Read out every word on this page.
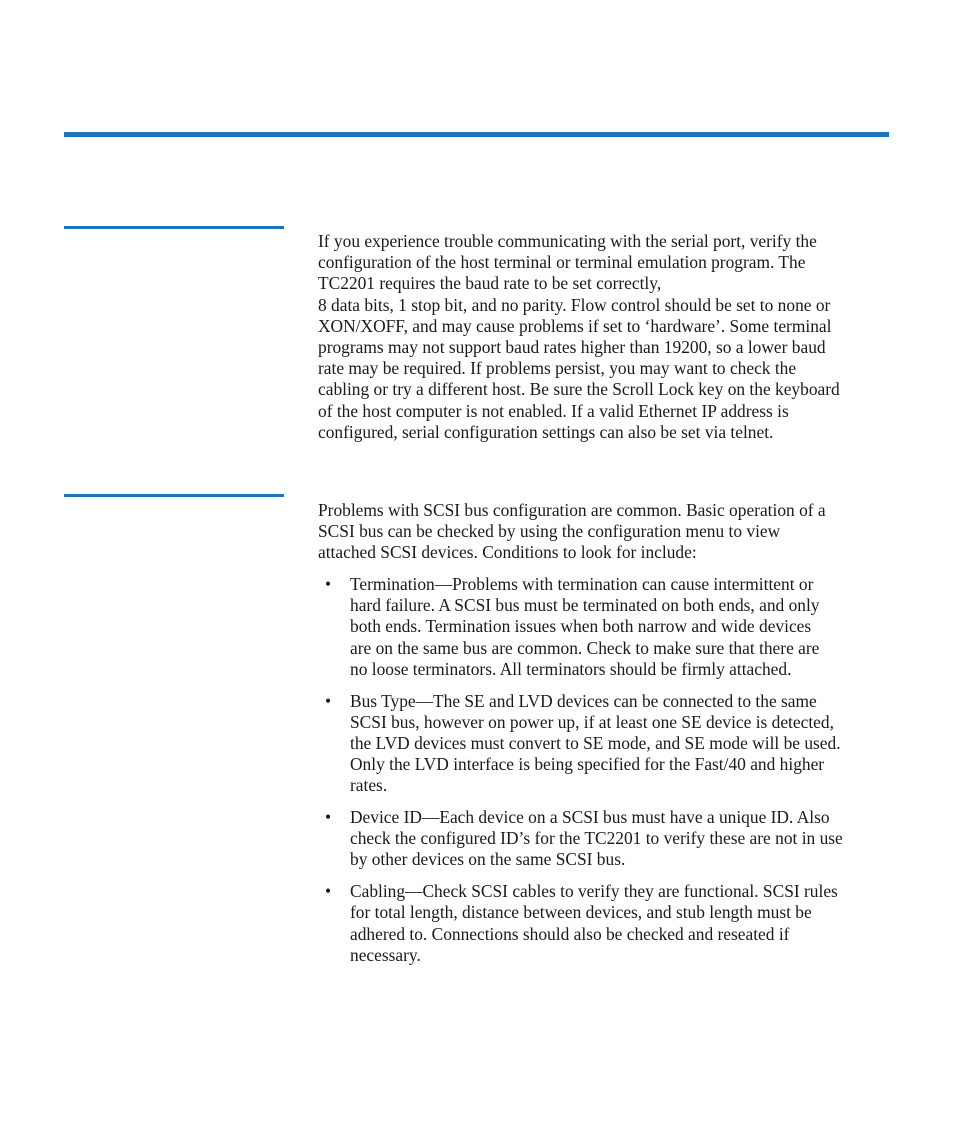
If you experience trouble communicating with the serial port, verify the
configuration of the host terminal or terminal emulation program. The
TC2201 requires the baud rate to be set correctly,
8 data bits, 1 stop bit, and no parity. Flow control should be set to none or
XON/XOFF, and may cause problems if set to ‘hardware’. Some terminal
programs may not support baud rates higher than 19200, so a lower baud
rate may be required. If problems persist, you may want to check the
cabling or try a different host. Be sure the Scroll Lock key on the keyboard
of the host computer is not enabled. If a valid Ethernet IP address is
configured, serial configuration settings can also be set via telnet.

Problems with SCSI bus configuration are common. Basic operation of a
SCSI bus can be checked by using the configuration menu to view
attached SCSI devices. Conditions to look for include:

• Termination—Problems with termination can cause intermittent or
hard failure. A SCSI bus must be terminated on both ends, and only
both ends. Termination issues when both narrow and wide devices
are on the same bus are common. Check to make sure that there are
no loose terminators. All terminators should be firmly attached.
• Bus Type—The SE and LVD devices can be connected to the same
SCSI bus, however on power up, if at least one SE device is detected,
the LVD devices must convert to SE mode, and SE mode will be used.
Only the LVD interface is being specified for the Fast/40 and higher
rates.
• Device ID—Each device on a SCSI bus must have a unique ID. Also
check the configured ID’s for the TC2201 to verify these are not in use
by other devices on the same SCSI bus.
• Cabling—Check SCSI cables to verify they are functional. SCSI rules
for total length, distance between devices, and stub length must be
adhered to. Connections should also be checked and reseated if
necessary.
